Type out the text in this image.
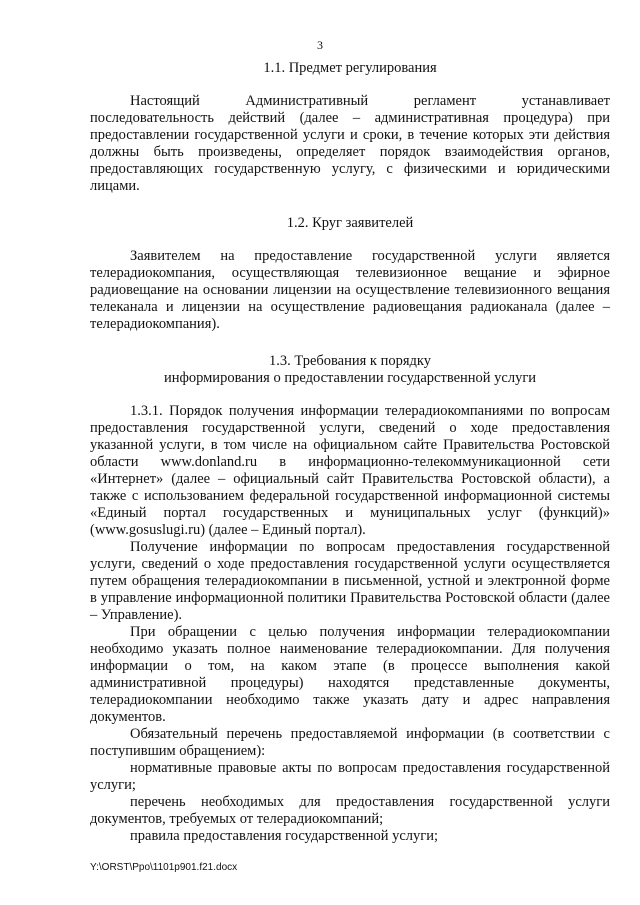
3
1.1. Предмет регулирования

Настоящий Административный регламент устанавливает последовательность действий (далее – административная процедура) при предоставлении государственной услуги и сроки, в течение которых эти действия должны быть произведены, определяет порядок взаимодействия органов, предоставляющих государственную услугу, с физическими и юридическими лицами.

1.2. Круг заявителей

Заявителем на предоставление государственной услуги является телерадиокомпания, осуществляющая телевизионное вещание и эфирное радиовещание на основании лицензии на осуществление телевизионного вещания телеканала и лицензии на осуществление радиовещания радиоканала (далее – телерадиокомпания).

1.3. Требования к порядку
информирования о предоставлении государственной услуги

1.3.1. Порядок получения информации телерадиокомпаниями по вопросам предоставления государственной услуги, сведений о ходе предоставления указанной услуги, в том числе на официальном сайте Правительства Ростовской области www.donland.ru в информационно-телекоммуникационной сети «Интернет» (далее – официальный сайт Правительства Ростовской области), а также с использованием федеральной государственной информационной системы «Единый портал государственных и муниципальных услуг (функций)» (www.gosuslugi.ru) (далее – Единый портал).

Получение информации по вопросам предоставления государственной услуги, сведений о ходе предоставления государственной услуги осуществляется путем обращения телерадиокомпании в письменной, устной и электронной форме в управление информационной политики Правительства Ростовской области (далее – Управление).

При обращении с целью получения информации телерадиокомпании необходимо указать полное наименование телерадиокомпании. Для получения информации о том, на каком этапе (в процессе выполнения какой административной процедуры) находятся представленные документы, телерадиокомпании необходимо также указать дату и адрес направления документов.

Обязательный перечень предоставляемой информации (в соответствии с поступившим обращением):

нормативные правовые акты по вопросам предоставления государственной услуги;

перечень необходимых для предоставления государственной услуги документов, требуемых от телерадиокомпаний;

правила предоставления государственной услуги;

Y:\ORST\Ppo\1101p901.f21.docx
